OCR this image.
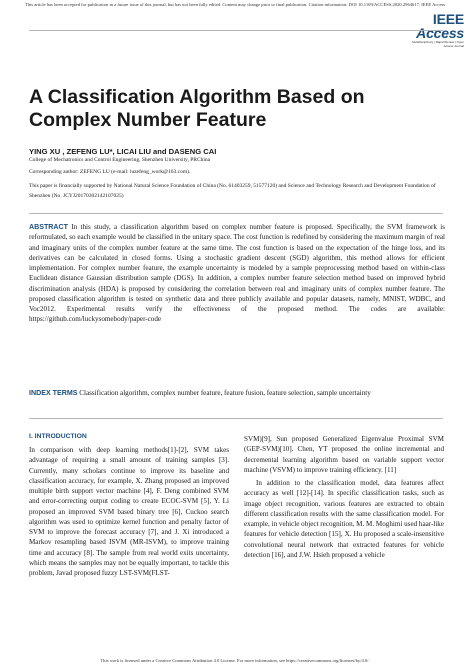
This article has been accepted for publication in a future issue of this journal, but has not been fully edited. Content may change prior to final publication. Citation information: DOI 10.1109/ACCESS.2020.2964617, IEEE Access
IEEE Access
Multidisciplinary | Rapid Review | Open Access Journal
A Classification Algorithm Based on Complex Number Feature
YING XU , ZEFENG LU*, LICAI LIU and DASENG CAI
College of Mechatronics and Control Engineering, Shenzhen University, PRChina
Corresponding author: ZEFENG LU (e-mail: luzefeng_work@163.com).
This paper is financially supported by National Natural Science Foundation of China (No. 61403259, 51577120) and Science and Technology Research and Development Foundation of Shenzhen (No. JCYJ20170302142107025)

ABSTRACT In this study, a classification algorithm based on complex number feature is proposed. Specifically, the SVM framework is reformulated, so each example would be classified in the unitary space. The cost function is redefined by considering the maximum margin of real and imaginary units of the complex number feature at the same time. The cost function is based on the expectation of the hinge loss, and its derivatives can be calculated in closed forms. Using a stochastic gradient descent (SGD) algorithm, this method allows for efficient implementation. For complex number feature, the example uncertainty is modeled by a sample preprocessing method based on within-class Euclidean distance Gaussian distribution sample (DGS). In addition, a complex number feature selection method based on improved hybrid discrimination analysis (HDA) is proposed by considering the correlation between real and imaginary units of complex number feature. The proposed classification algorithm is tested on synthetic data and three publicly available and popular datasets, namely, MNIST, WDBC, and Voc2012. Experimental results verify the effectiveness of the proposed method. The codes are available: https://github.com/luckysomebody/paper-code

INDEX TERMS Classification algorithm, complex number feature, feature fusion, feature selection, sample uncertainty

I. INTRODUCTION

In comparison with deep learning methods[1]-[2], SVM takes advantage of requiring a small amount of training samples [3]. Currently, many scholars continue to improve its baseline and classification accuracy, for example, X. Zhang proposed an improved multiple birth support vector machine [4], F. Deng combined SVM and error-correcting output coding to create ECOC-SVM [5], Y. Li proposed an improved SVM based binary tree [6], Cuckoo search algorithm was used to optimize kernel function and penalty factor of SVM to improve the forecast accuracy [7], and J. Xi introduced a Markov resampling based ISVM (MR-ISVM), to improve training time and accuracy [8]. The sample from real world exits uncertainty, which means the samples may not be equally important, to tackle this problem, Javad proposed fuzzy LST-SVM(FLST-

SVM)[9], Sun proposed Generalized Eigenvalue Proximal SVM (GEP-SVM)[10]. Chen, YT proposed the online incremental and decremental learning algorithm based on variable support vector machine (VSVM) to improve training efficiency. [11]
In addition to the classification model, data features affect accuracy as well [12]-[14]. In specific classification tasks, such as image object recognition, various features are extracted to obtain different classification results with the same classification model. For example, in vehicle object recognition, M. M. Moghimi used haar-like features for vehicle detection [15], X. Hu proposed a scale-insensitive convolutional neural network that extracted features for vehicle detection [16], and J.W. Hsieh proposed a vehicle
This work is licensed under a Creative Commons Attribution 4.0 License. For more information, see https://creativecommons.org/licenses/by/4.0/.
